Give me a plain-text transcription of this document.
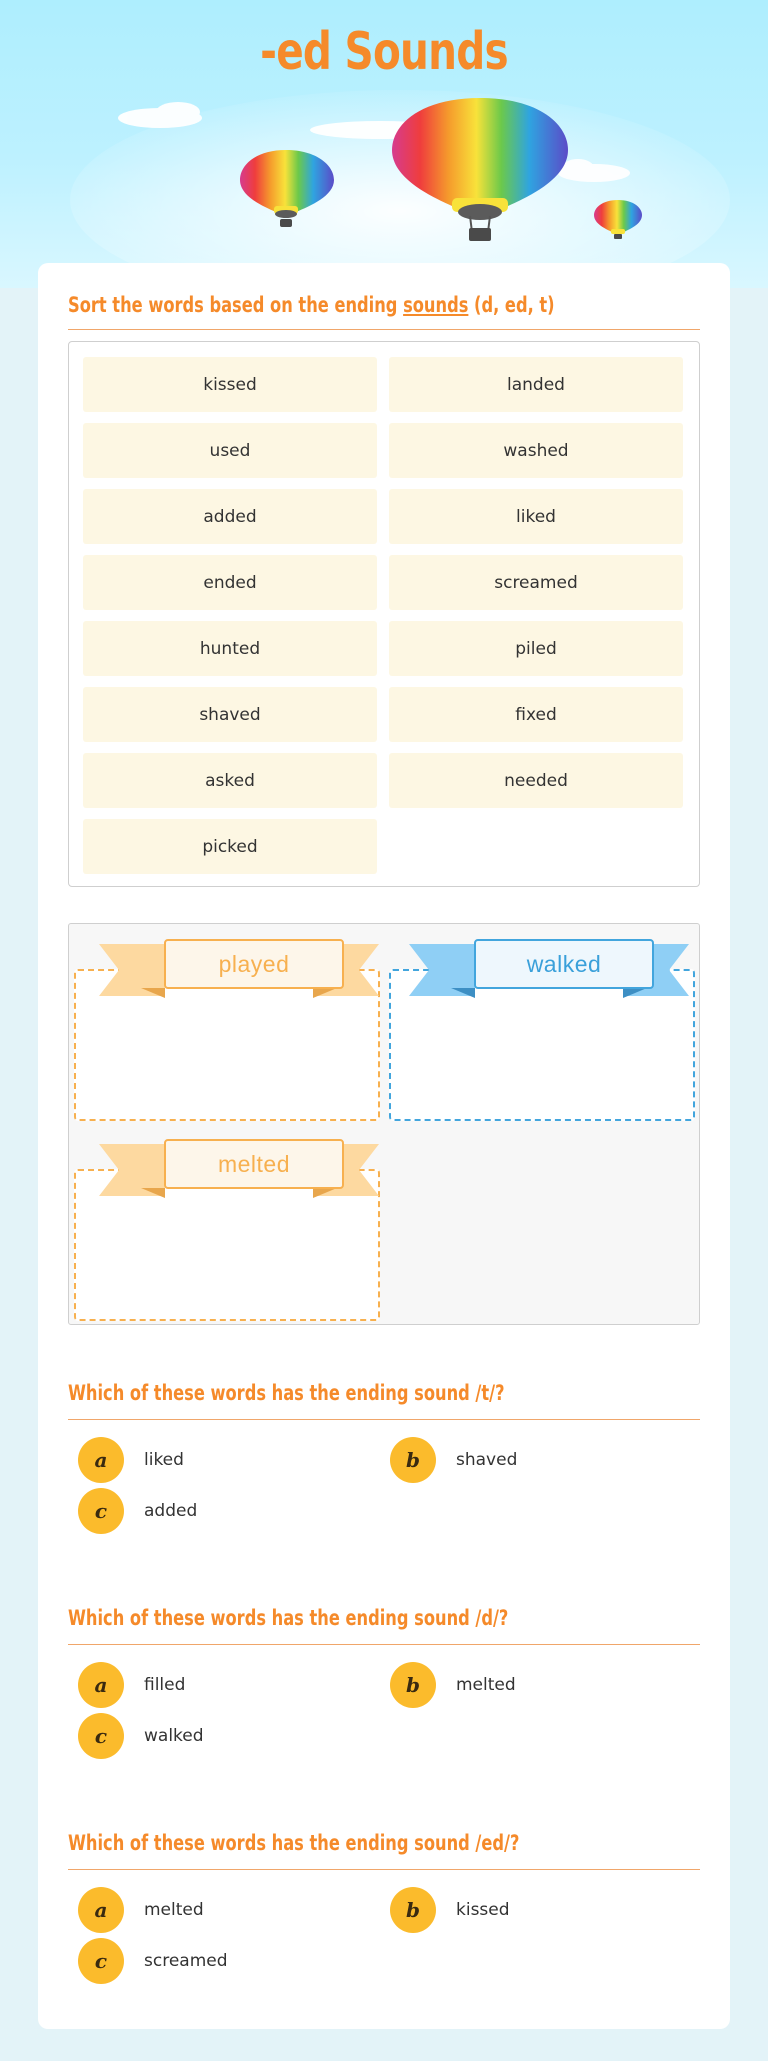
-ed Sounds
Sort the words based on the ending sounds (d, ed, t)
kissed	landed
used	washed
added	liked
ended	screamed
hunted	piled
shaved	fixed
asked	needed
picked
played	walked
melted
Which of these words has the ending sound /t/?
a	liked	b	shaved
c	added
Which of these words has the ending sound /d/?
a	filled	b	melted
c	walked
Which of these words has the ending sound /ed/?
a	melted	b	kissed
c	screamed
